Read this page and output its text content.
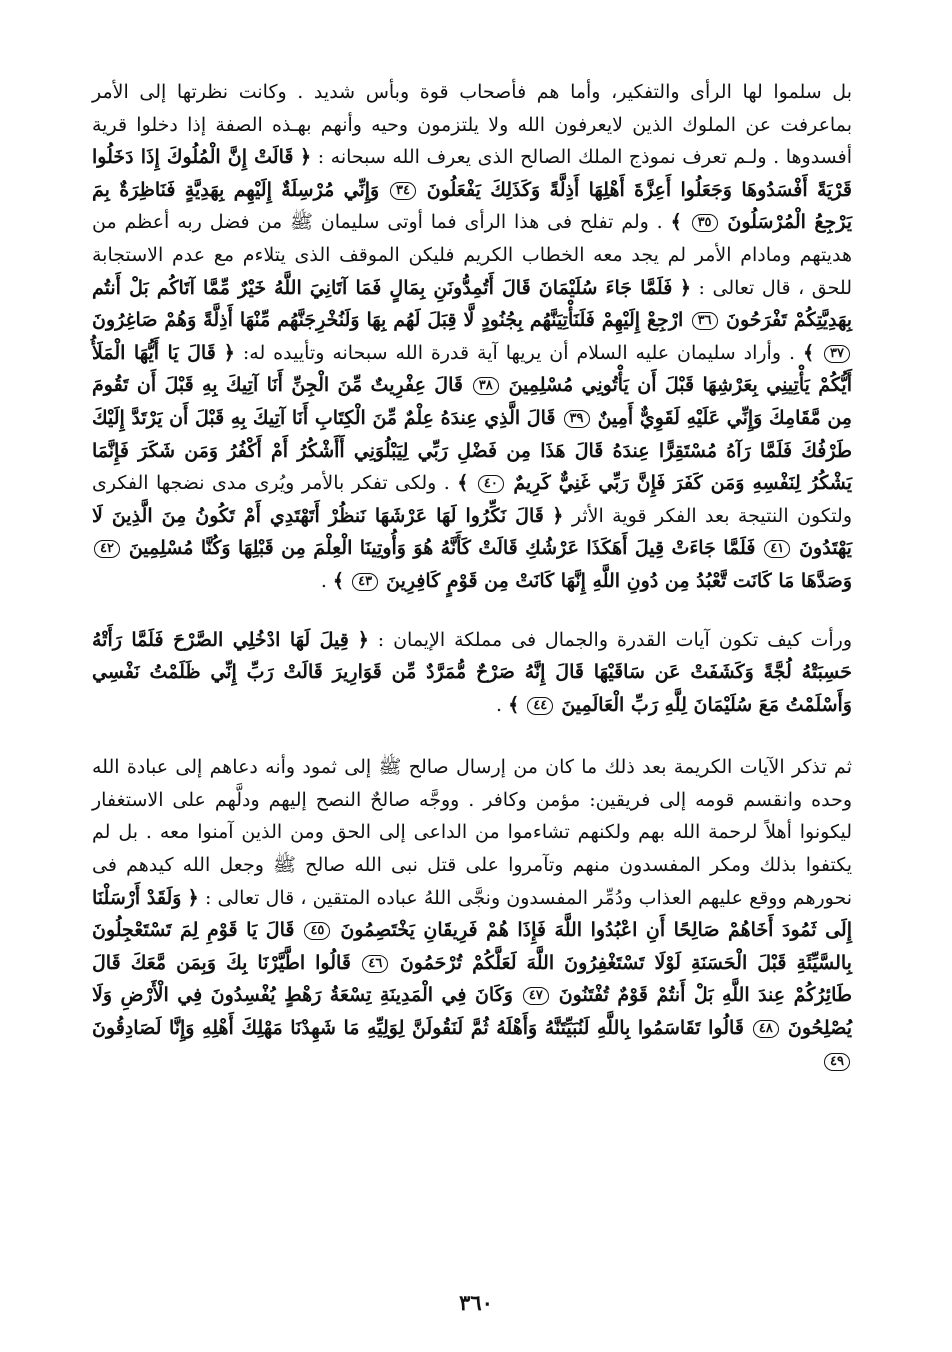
بل سلموا لها الرأى والتفكير، وأما هم فأصحاب قوة وبأس شديد . وكانت نظرتها إلى الأمر بماعرفت عن الملوك الذين لايعرفون الله ولا يلتزمون وحيه وأنهم بهـذه الصفة إذا دخلوا قرية أفسدوها . ولـم تعرف نموذج الملك الصالح الذى يعرف الله سبحانه : ﴿ قَالَتْ إِنَّ الْمُلُوكَ إِذَا دَخَلُوا قَرْيَةً أَفْسَدُوهَا وَجَعَلُوا أَعِزَّةَ أَهْلِهَا أَذِلَّةً وَكَذَلِكَ يَفْعَلُونَ ٣٤ وَإِنِّي مُرْسِلَةٌ إِلَيْهِم بِهَدِيَّةٍ فَنَاظِرَةٌ بِمَ يَرْجِعُ الْمُرْسَلُونَ ٣٥ ﴾ . ولم تفلح فى هذا الرأى فما أوتى سليمان ﷺ من فضل ربه أعظم من هديتهم ومادام الأمر لم يجد معه الخطاب الكريم فليكن الموقف الذى يتلاءم مع عدم الاستجابة للحق ، قال تعالى : ﴿ فَلَمَّا جَاءَ سُلَيْمَانَ قَالَ أَتُمِدُّونَنِ بِمَالٍ فَمَا آتَانِيَ اللَّهُ خَيْرٌ مِّمَّا آتَاكُم بَلْ أَنتُم بِهَدِيَّتِكُمْ تَفْرَحُونَ ٣٦ ارْجِعْ إِلَيْهِمْ فَلَنَأْتِيَنَّهُم بِجُنُودٍ لَّا قِبَلَ لَهُم بِهَا وَلَنُخْرِجَنَّهُم مِّنْهَا أَذِلَّةً وَهُمْ صَاغِرُونَ ٣٧ ﴾ . وأراد سليمان عليه السلام أن يريها آية قدرة الله سبحانه وتأييده له: ﴿ قَالَ يَا أَيُّهَا الْمَلَأُ أَيُّكُمْ يَأْتِينِي بِعَرْشِهَا قَبْلَ أَن يَأْتُونِي مُسْلِمِينَ ٣٨ قَالَ عِفْرِيتٌ مِّنَ الْجِنِّ أَنَا آتِيكَ بِهِ قَبْلَ أَن تَقُومَ مِن مَّقَامِكَ وَإِنِّي عَلَيْهِ لَقَوِيٌّ أَمِينٌ ٣٩ قَالَ الَّذِي عِندَهُ عِلْمٌ مِّنَ الْكِتَابِ أَنَا آتِيكَ بِهِ قَبْلَ أَن يَرْتَدَّ إِلَيْكَ طَرْفُكَ فَلَمَّا رَآهُ مُسْتَقِرًّا عِندَهُ قَالَ هَذَا مِن فَضْلِ رَبِّي لِيَبْلُوَنِي أَأَشْكُرُ أَمْ أَكْفُرُ وَمَن شَكَرَ فَإِنَّمَا يَشْكُرُ لِنَفْسِهِ وَمَن كَفَرَ فَإِنَّ رَبِّي غَنِيٌّ كَرِيمٌ ٤٠ ﴾ . ولكى تفكر بالأمر ويُرى مدى نضجها الفكرى ولتكون النتيجة بعد الفكر قوية الأثر ﴿ قَالَ نَكِّرُوا لَهَا عَرْشَهَا نَنظُرْ أَتَهْتَدِي أَمْ تَكُونُ مِنَ الَّذِينَ لَا يَهْتَدُونَ ٤١ فَلَمَّا جَاءَتْ قِيلَ أَهَكَذَا عَرْشُكِ قَالَتْ كَأَنَّهُ هُوَ وَأُوتِينَا الْعِلْمَ مِن قَبْلِهَا وَكُنَّا مُسْلِمِينَ ٤٢ وَصَدَّهَا مَا كَانَت تَّعْبُدُ مِن دُونِ اللَّهِ إِنَّهَا كَانَتْ مِن قَوْمٍ كَافِرِينَ ٤٣ ﴾ .

ورأت كيف تكون آيات القدرة والجمال فى مملكة الإيمان : ﴿ قِيلَ لَهَا ادْخُلِي الصَّرْحَ فَلَمَّا رَأَتْهُ حَسِبَتْهُ لُجَّةً وَكَشَفَتْ عَن سَاقَيْهَا قَالَ إِنَّهُ صَرْحٌ مُّمَرَّدٌ مِّن قَوَارِيرَ قَالَتْ رَبِّ إِنِّي ظَلَمْتُ نَفْسِي وَأَسْلَمْتُ مَعَ سُلَيْمَانَ لِلَّهِ رَبِّ الْعَالَمِينَ ٤٤ ﴾ .

ثم تذكر الآيات الكريمة بعد ذلك ما كان من إرسال صالح ﷺ إلى ثمود وأنه دعاهم إلى عبادة الله وحده وانقسم قومه إلى فريقين: مؤمن وكافر . ووجَّه صالحٌ النصح إليهم ودلَّهم على الاستغفار ليكونوا أهلاً لرحمة الله بهم ولكنهم تشاءموا من الداعى إلى الحق ومن الذين آمنوا معه . بل لم يكتفوا بذلك ومكر المفسدون منهم وتآمروا على قتل نبى الله صالح ﷺ وجعل الله كيدهم فى نحورهم ووقع عليهم العذاب ودُمِّر المفسدون ونجَّى اللهُ عباده المتقين ، قال تعالى : ﴿ وَلَقَدْ أَرْسَلْنَا إِلَى ثَمُودَ أَخَاهُمْ صَالِحًا أَنِ اعْبُدُوا اللَّهَ فَإِذَا هُمْ فَرِيقَانِ يَخْتَصِمُونَ ٤٥ قَالَ يَا قَوْمِ لِمَ تَسْتَعْجِلُونَ بِالسَّيِّئَةِ قَبْلَ الْحَسَنَةِ لَوْلَا تَسْتَغْفِرُونَ اللَّهَ لَعَلَّكُمْ تُرْحَمُونَ ٤٦ قَالُوا اطَّيَّرْنَا بِكَ وَبِمَن مَّعَكَ قَالَ طَائِرُكُمْ عِندَ اللَّهِ بَلْ أَنتُمْ قَوْمٌ تُفْتَنُونَ ٤٧ وَكَانَ فِي الْمَدِينَةِ تِسْعَةُ رَهْطٍ يُفْسِدُونَ فِي الْأَرْضِ وَلَا يُصْلِحُونَ ٤٨ قَالُوا تَقَاسَمُوا بِاللَّهِ لَنُبَيِّتَنَّهُ وَأَهْلَهُ ثُمَّ لَنَقُولَنَّ لِوَلِيِّهِ مَا شَهِدْنَا مَهْلِكَ أَهْلِهِ وَإِنَّا لَصَادِقُونَ ٤٩

٣٦٠
